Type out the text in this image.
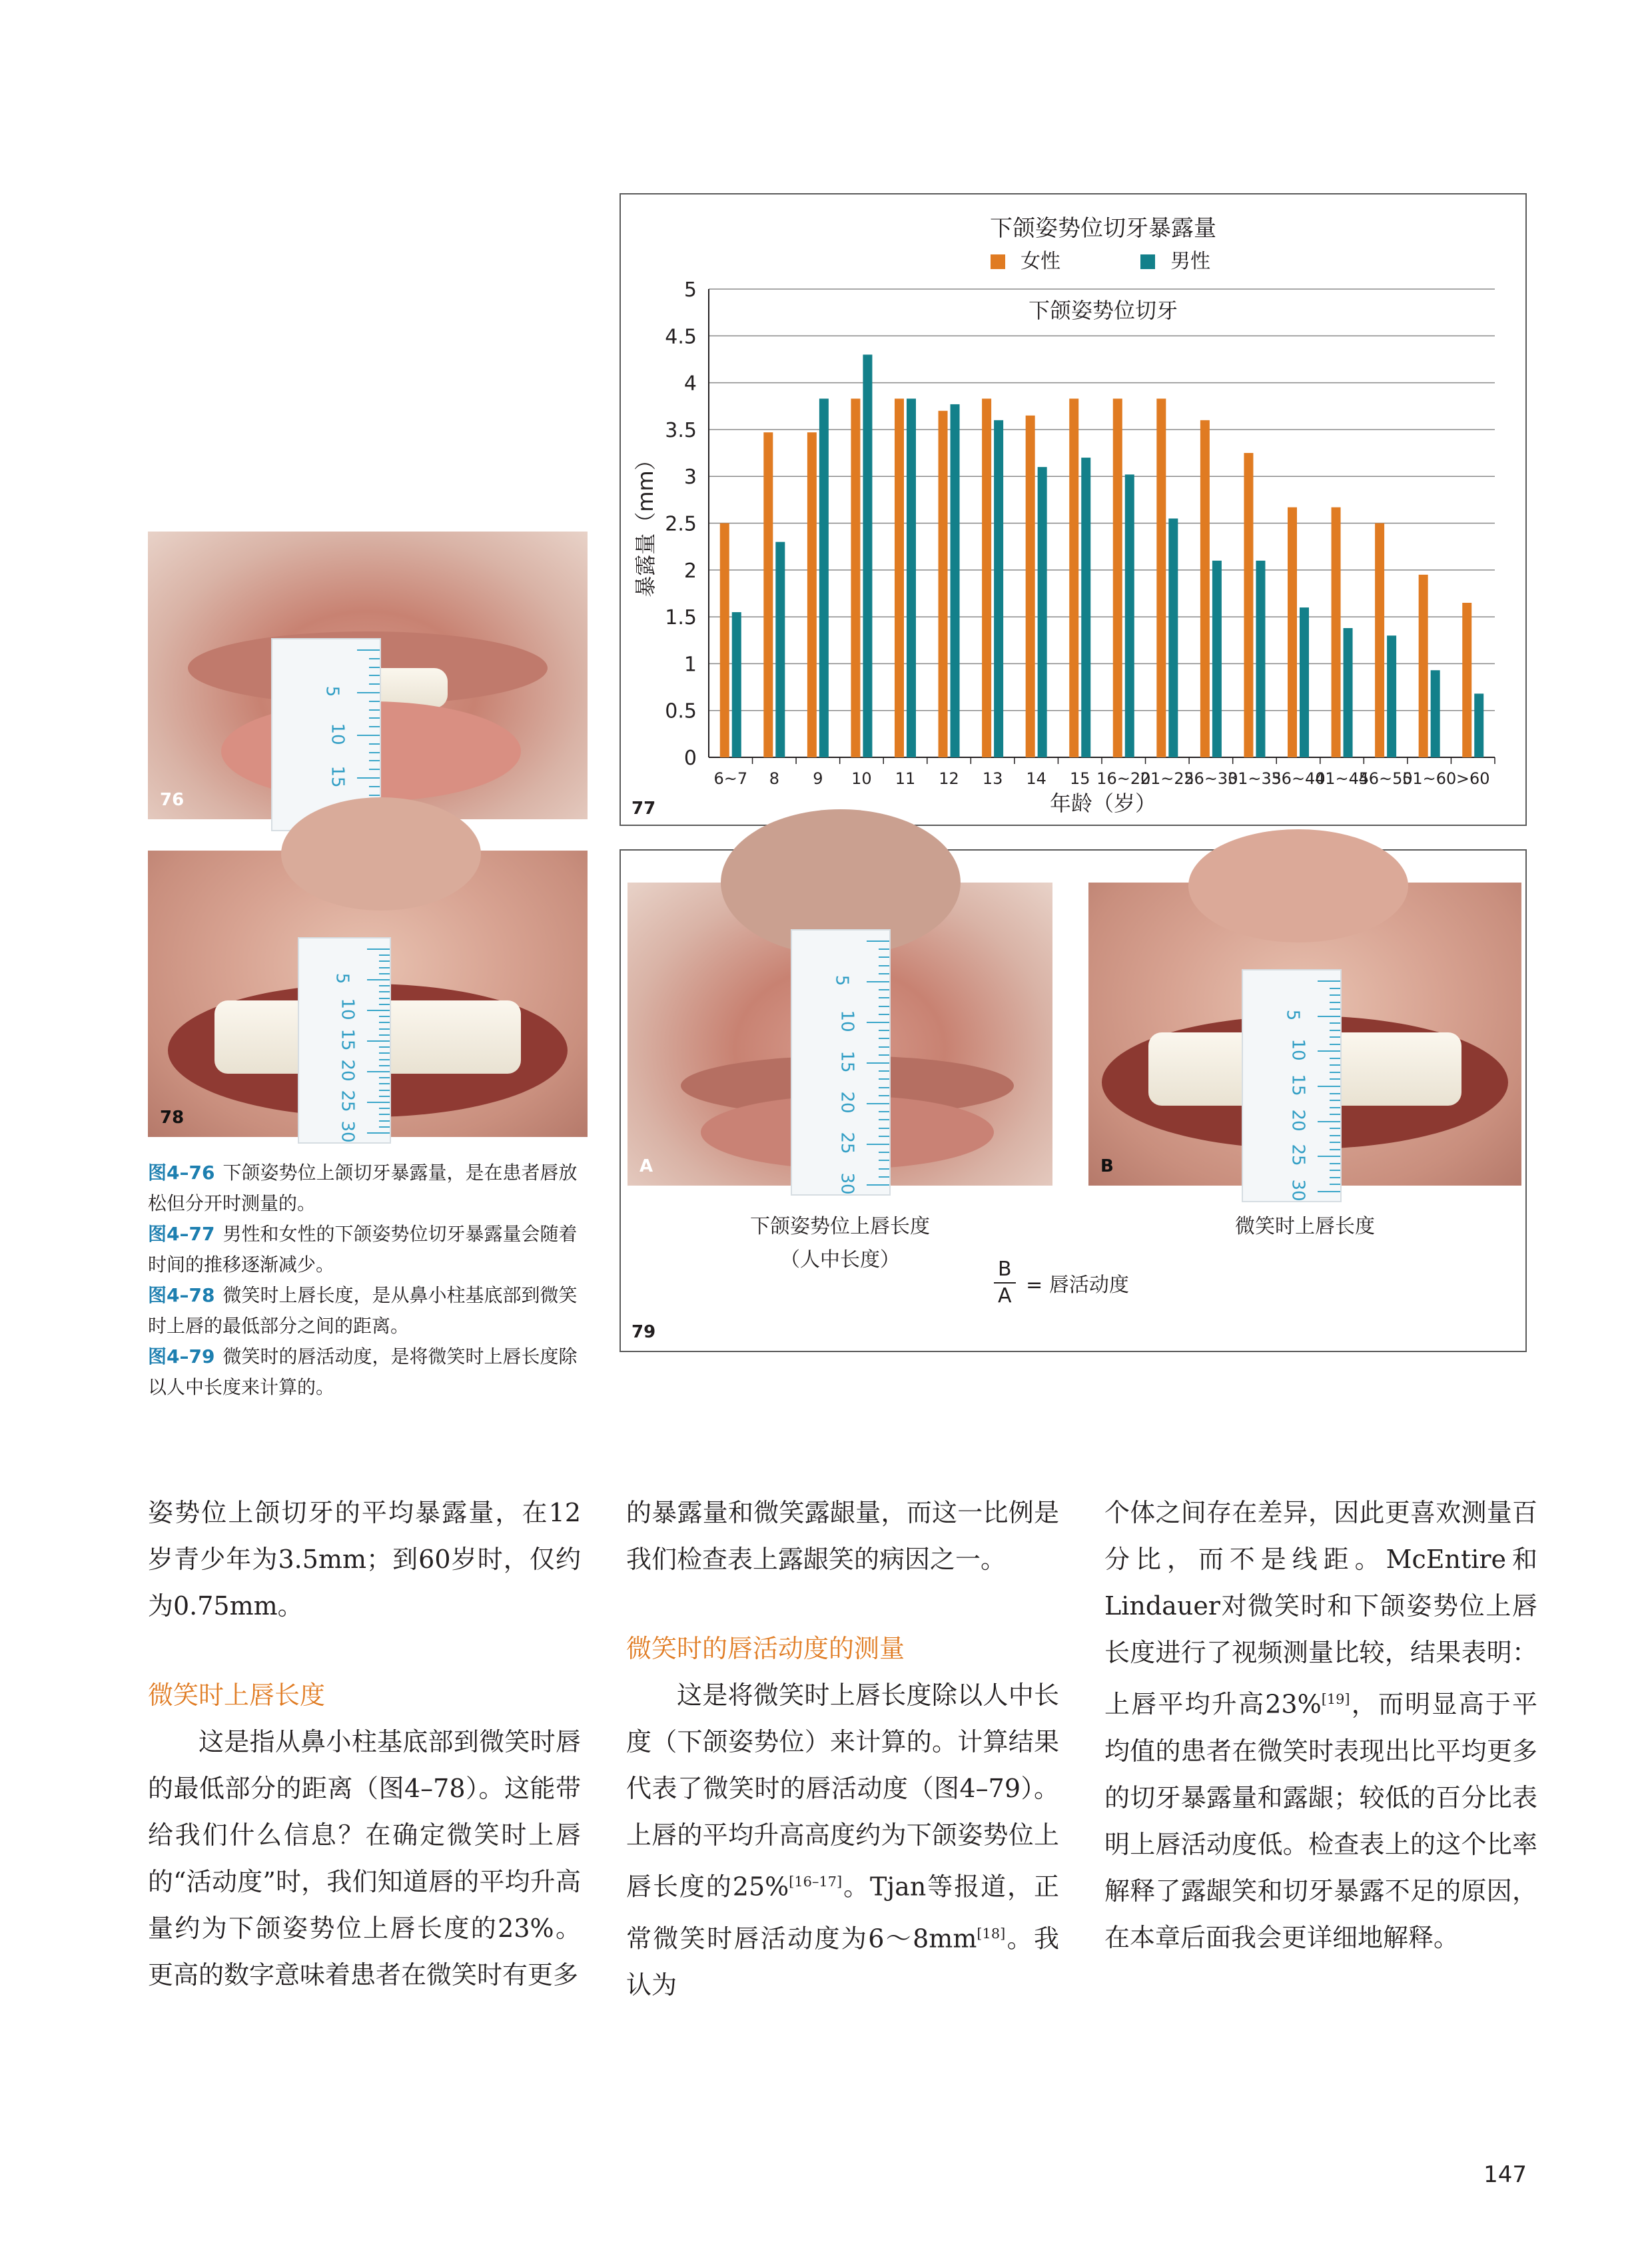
5
10
15
76
0
0.5
1
1.5
2
2.5
3
3.5
4
4.5
5
6~7 8 9 10 11 12 13 14 15 16~20
21~25
26~30
31~35
36~40
41~45
46~50
51~60 >60
下颌姿势位切牙暴露量
女性	男性
下颌姿势位切牙
年龄（岁）
暴露量（mm）
77
5
10
15
20
25
30
78
5
10
15
20
25
30
A
5
10
15
20
25
30
B
下颌姿势位上唇长度
（人中长度）
微笑时上唇长度
$\frac{B}{A}$ = 唇活动度
79
图4–76 下颌姿势位上颌切牙暴露量，是在患者唇放松但分开时测量的。
图4–77 男性和女性的下颌姿势位切牙暴露量会随着时间的推移逐渐减少。
图4–78 微笑时上唇长度，是从鼻小柱基底部到微笑时上唇的最低部分之间的距离。
图4–79 微笑时的唇活动度，是将微笑时上唇长度除以人中长度来计算的。

姿势位上颌切牙的平均暴露量，在12岁青少年为3.5mm；到60岁时，仅约为0.75mm。

微笑时上唇长度

这是指从鼻小柱基底部到微笑时唇的最低部分的距离（图4–78）。这能带给我们什么信息？在确定微笑时上唇的“活动度”时，我们知道唇的平均升高量约为下颌姿势位上唇长度的23%。更高的数字意味着患者在微笑时有更多

的暴露量和微笑露龈量，而这一比例是我们检查表上露龈笑的病因之一。

微笑时的唇活动度的测量

这是将微笑时上唇长度除以人中长度（下颌姿势位）来计算的。计算结果代表了微笑时的唇活动度（图4–79）。上唇的平均升高高度约为下颌姿势位上唇长度的25%[16–17]。Tjan等报道，正常微笑时唇活动度为6～8mm[18]。我认为

个体之间存在差异，因此更喜欢测量百分比，而不是线距。McEntire和Lindauer对微笑时和下颌姿势位上唇长度进行了视频测量比较，结果表明：上唇平均升高23%[19]，而明显高于平均值的患者在微笑时表现出比平均更多的切牙暴露量和露龈；较低的百分比表明上唇活动度低。检查表上的这个比率解释了露龈笑和切牙暴露不足的原因，在本章后面我会更详细地解释。

147
